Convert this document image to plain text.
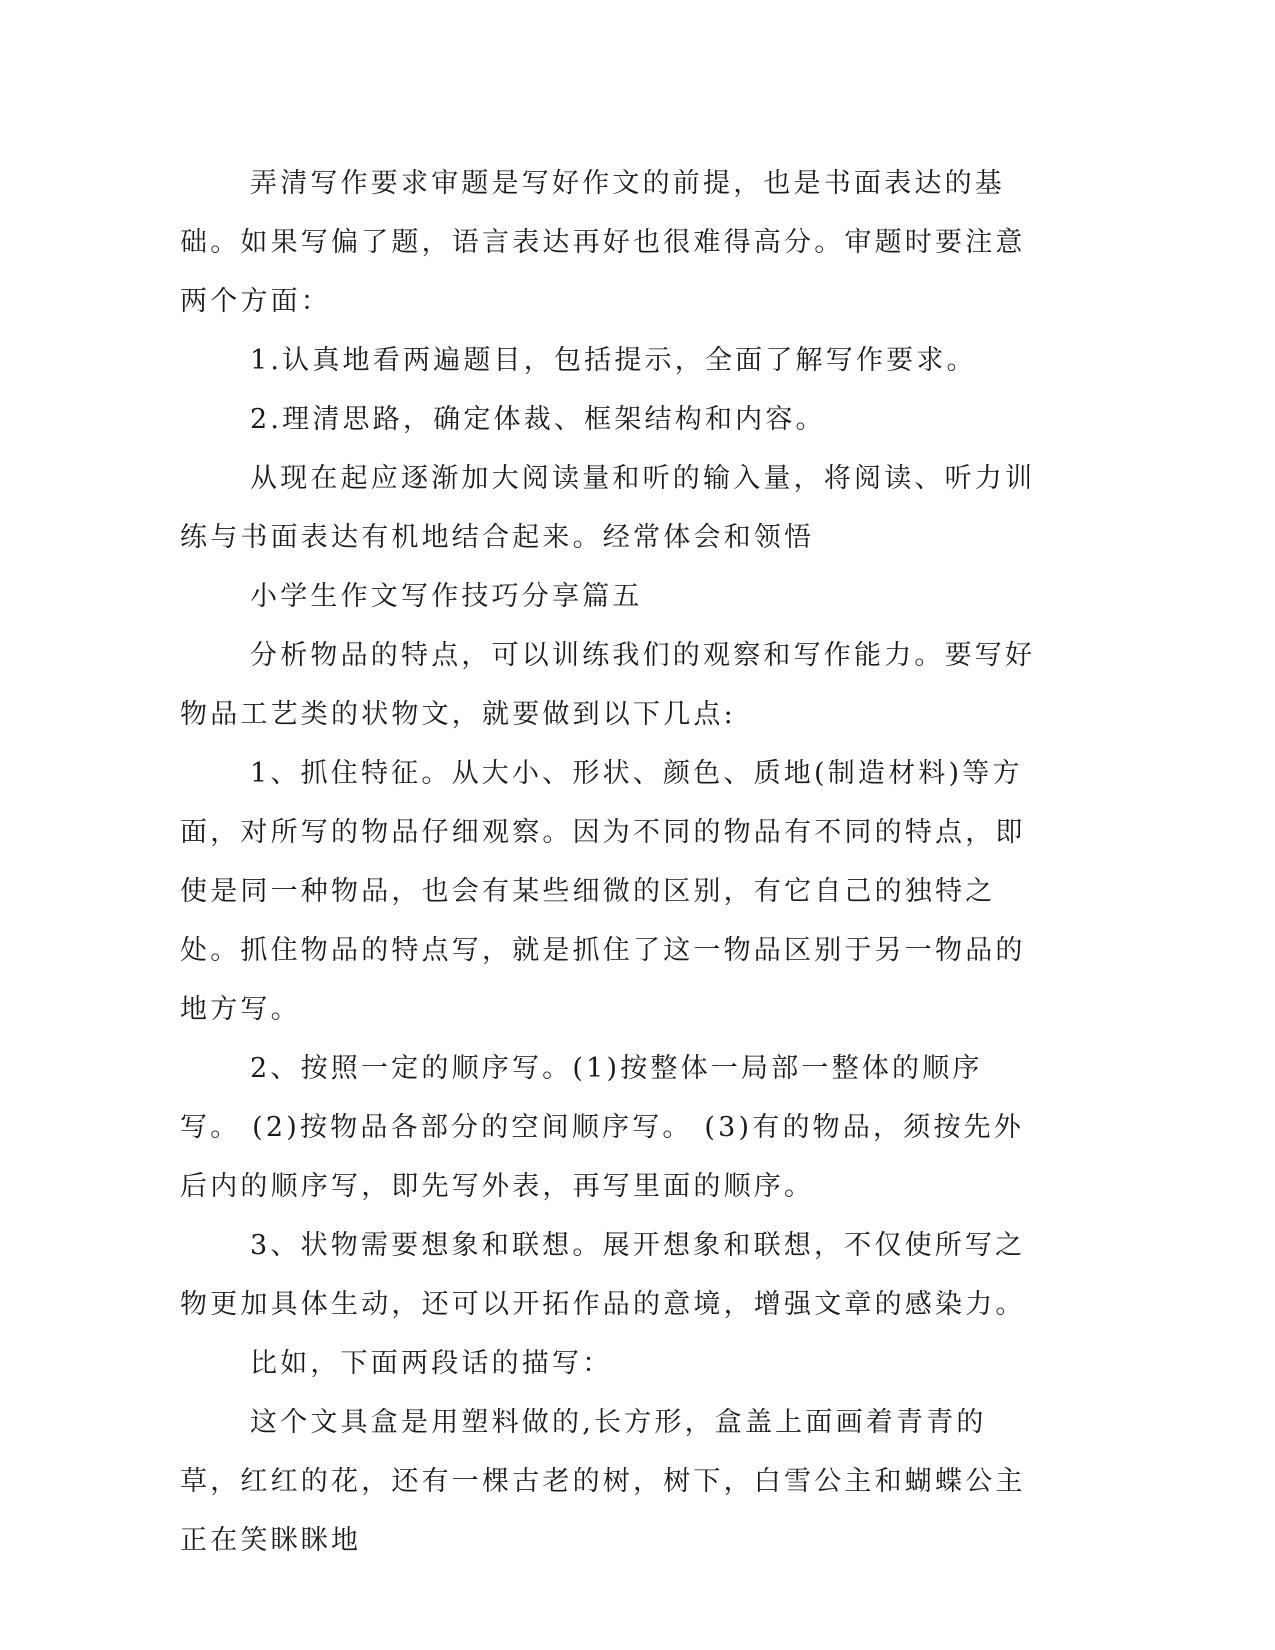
弄清写作要求审题是写好作文的前提，也是书面表达的基础。如果写偏了题，语言表达再好也很难得高分。审题时要注意两个方面：

1.认真地看两遍题目，包括提示，全面了解写作要求。

2.理清思路，确定体裁、框架结构和内容。

从现在起应逐渐加大阅读量和听的输入量，将阅读、听力训练与书面表达有机地结合起来。经常体会和领悟

小学生作文写作技巧分享篇五

分析物品的特点，可以训练我们的观察和写作能力。要写好物品工艺类的状物文，就要做到以下几点:

1、抓住特征。从大小、形状、颜色、质地(制造材料)等方面，对所写的物品仔细观察。因为不同的物品有不同的特点，即使是同一种物品，也会有某些细微的区别，有它自己的独特之处。抓住物品的特点写，就是抓住了这一物品区别于另一物品的地方写。

2、按照一定的顺序写。(1)按整体一局部一整体的顺序写。 (2)按物品各部分的空间顺序写。 (3)有的物品，须按先外后内的顺序写，即先写外表，再写里面的顺序。

3、状物需要想象和联想。展开想象和联想，不仅使所写之物更加具体生动，还可以开拓作品的意境，增强文章的感染力。

比如，下面两段话的描写：

这个文具盒是用塑料做的,长方形，盒盖上面画着青青的草，红红的花，还有一棵古老的树，树下，白雪公主和蝴蝶公主正在笑眯眯地
